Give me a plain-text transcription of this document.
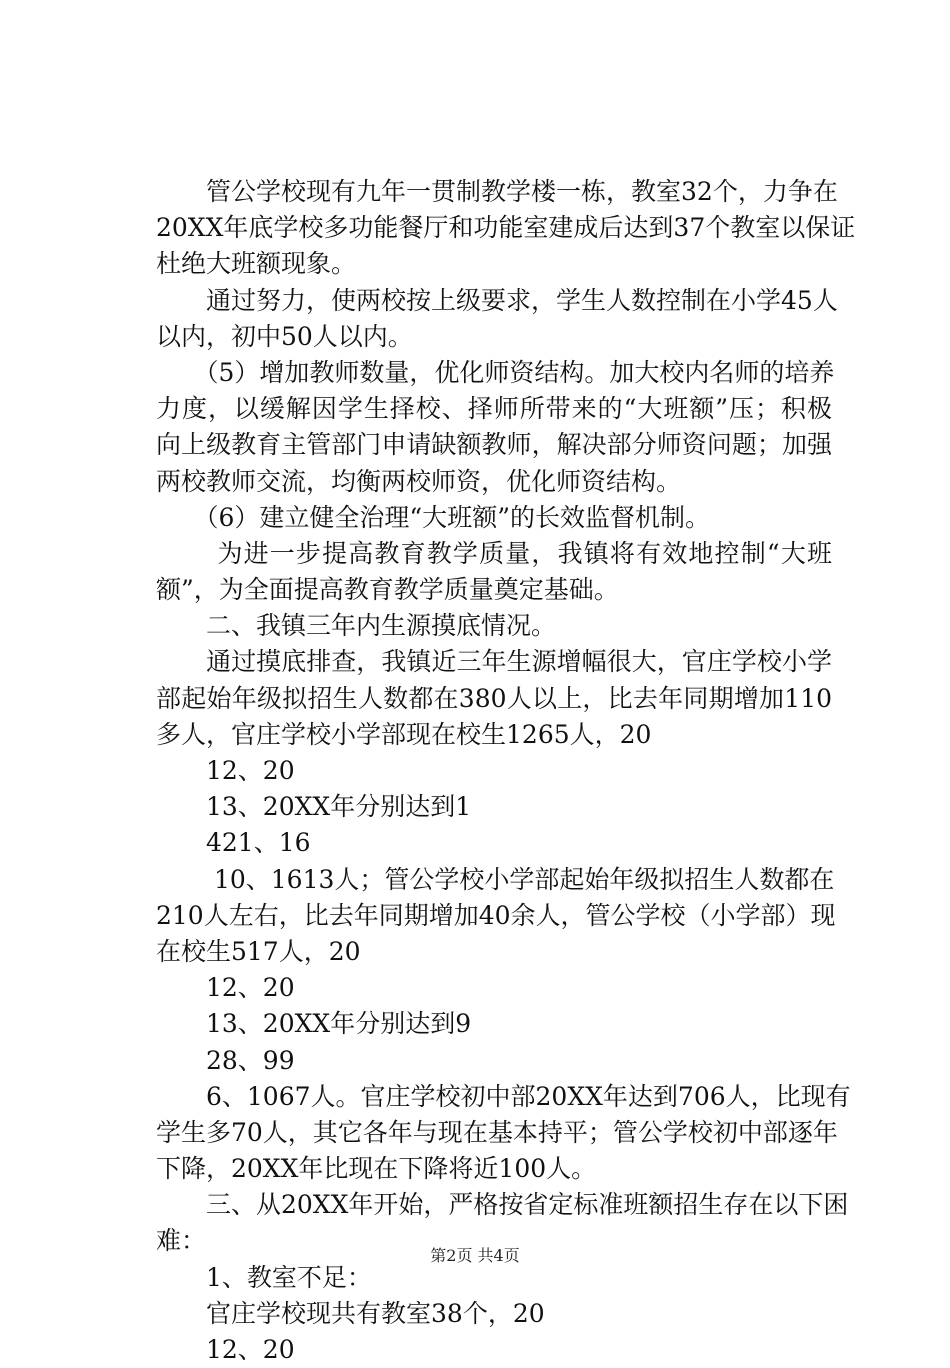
　　管公学校现有九年一贯制教学楼一栋，教室32个，力争在
20XX年底学校多功能餐厅和功能室建成后达到37个教室以保证
杜绝大班额现象。
　　通过努力，使两校按上级要求，学生人数控制在小学45人
以内，初中50人以内。
　　（5）增加教师数量，优化师资结构。加大校内名师的培养
力度，以缓解因学生择校、择师所带来的“大班额”压；积极
向上级教育主管部门申请缺额教师，解决部分师资问题；加强
两校教师交流，均衡两校师资，优化师资结构。
　　（6）建立健全治理“大班额”的长效监督机制。
　　 为进一步提高教育教学质量，我镇将有效地控制“大班
额”，为全面提高教育教学质量奠定基础。
　　二、我镇三年内生源摸底情况。
　　通过摸底排查，我镇近三年生源增幅很大，官庄学校小学
部起始年级拟招生人数都在380人以上，比去年同期增加110
多人，官庄学校小学部现在校生1265人，20
　　12、20
　　13、20XX年分别达到1
　　421、16
　　 10、1613人；管公学校小学部起始年级拟招生人数都在
210人左右，比去年同期增加40余人，管公学校（小学部）现
在校生517人，20
　　12、20
　　13、20XX年分别达到9
　　28、99
　　6、1067人。官庄学校初中部20XX年达到706人，比现有
学生多70人，其它各年与现在基本持平；管公学校初中部逐年
下降，20XX年比现在下降将近100人。
　　三、从20XX年开始，严格按省定标准班额招生存在以下困
难：
　　1、教室不足：
　　官庄学校现共有教室38个，20
　　12、20
第2页 共4页
